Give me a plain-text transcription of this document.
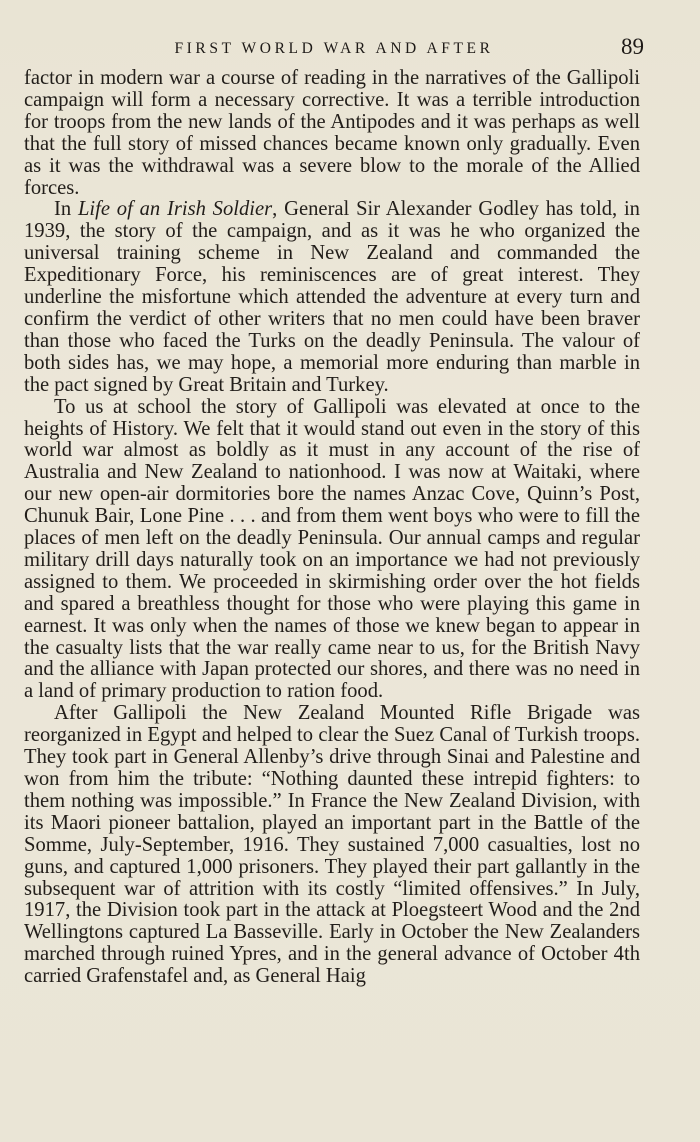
FIRST WORLD WAR AND AFTER	89

factor in modern war a course of reading in the narratives of the Gallipoli campaign will form a necessary corrective. It was a terrible introduction for troops from the new lands of the Antipodes and it was perhaps as well that the full story of missed chances became known only gradually. Even as it was the withdrawal was a severe blow to the morale of the Allied forces.

In Life of an Irish Soldier, General Sir Alexander Godley has told, in 1939, the story of the campaign, and as it was he who organized the universal training scheme in New Zealand and commanded the Expeditionary Force, his reminiscences are of great interest. They underline the misfortune which attended the adventure at every turn and confirm the verdict of other writers that no men could have been braver than those who faced the Turks on the deadly Peninsula. The valour of both sides has, we may hope, a memorial more enduring than marble in the pact signed by Great Britain and Turkey.

To us at school the story of Gallipoli was elevated at once to the heights of History. We felt that it would stand out even in the story of this world war almost as boldly as it must in any account of the rise of Australia and New Zealand to nationhood. I was now at Waitaki, where our new open-air dormitories bore the names Anzac Cove, Quinn’s Post, Chunuk Bair, Lone Pine . . . and from them went boys who were to fill the places of men left on the deadly Peninsula. Our annual camps and regular military drill days naturally took on an importance we had not previously assigned to them. We proceeded in skirmishing order over the hot fields and spared a breathless thought for those who were playing this game in earnest. It was only when the names of those we knew began to appear in the casualty lists that the war really came near to us, for the British Navy and the alliance with Japan protected our shores, and there was no need in a land of primary production to ration food.

After Gallipoli the New Zealand Mounted Rifle Brigade was reorganized in Egypt and helped to clear the Suez Canal of Turkish troops. They took part in General Allenby’s drive through Sinai and Palestine and won from him the tribute: “Nothing daunted these intrepid fighters: to them nothing was impossible.” In France the New Zealand Division, with its Maori pioneer battalion, played an important part in the Battle of the Somme, July-September, 1916. They sustained 7,000 casualties, lost no guns, and captured 1,000 prisoners. They played their part gallantly in the subsequent war of attrition with its costly “limited offensives.” In July, 1917, the Division took part in the attack at Ploegsteert Wood and the 2nd Wellingtons captured La Basseville. Early in October the New Zealanders marched through ruined Ypres, and in the general advance of October 4th carried Grafenstafel and, as General Haig
